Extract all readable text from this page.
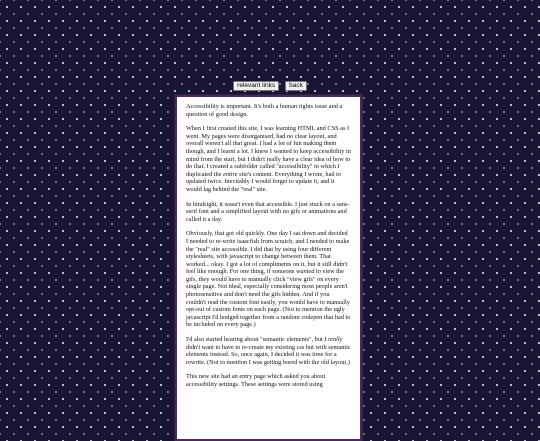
relevant links	back

Accessibility is important. It's both a human rights issue and a question of good design.

When I first created this site, I was learning HTML and CSS as I went. My pages were disorganised, had no clear layout, and overall weren't all that great. I had a lot of fun making them though, and I learnt a lot. I knew I wanted to keep accessibility in mind from the start, but I didn't really have a clear idea of how to do that. I created a subfolder called "accessibility" in which I duplicated the entire site's content. Everything I wrote, had to updated twice. Inevitably I would forget to update it, and it would lag behind the "real" site.

In hindsight, it wasn't even that accessible. I just stuck on a sans-serif font and a simplified layout with no gifs or animations and called it a day.

Obviously, that got old quickly. One day I sat down and decided I needed to re-write isaacfish from scratch, and I needed to make the "real" site accessible. I did that by using four different stylesheets, with javascript to change between them. That worked... okay. I got a lot of compliments on it, but it still didn't feel like enough. For one thing, if someone wanted to view the gifs, they would have to manually click "view gifs" on every single page. Not ideal, especially considering most people aren't photosensitive and don't need the gifs hidden. And if you couldn't read the custom font easily, you would have to manually opt-out of custom fonts on each page. (Not to mention the ugly javascript I'd hodged together from a random codepen that had to be included on every page.)

I'd also started hearing about "semantic elements", but I really didn't want to have to re-create my existing css but with semantic elements instead. So, once again, I decided it was time for a rewrite. (Not to mention I was getting bored with the old layout.)

This new site had an entry page which asked you about accessibility settings. These settings were stored using
